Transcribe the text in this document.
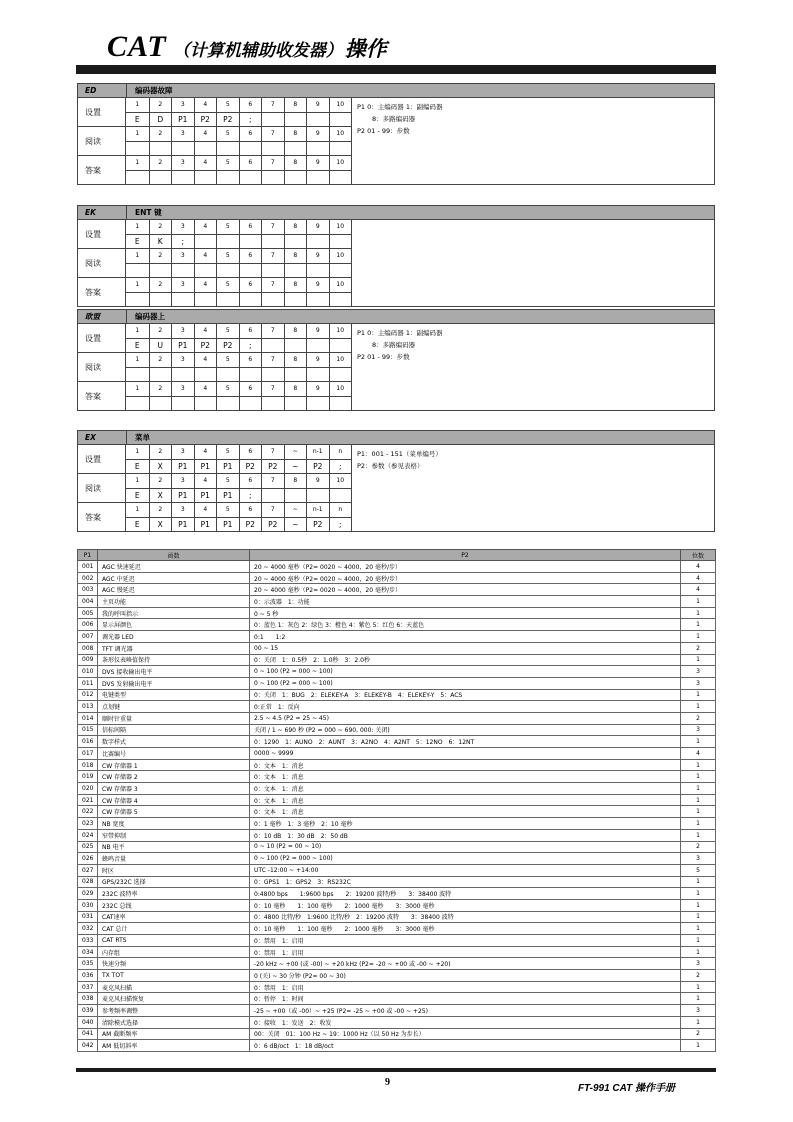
CAT （计算机辅助收发器） 操作
ED	编码器故障
设置
1	2	3	4	5	6	7	8	9	10
E	D	P1	P2	P2	;
阅读
1	2	3	4	5	6	7	8	9	10
答案
1	2	3	4	5	6	7	8	9	10
P1 0：主编码器 1：副编码器
8：多路编码器
P2 01 - 99：步数
EK	ENT 键
设置
1	2	3	4	5	6	7	8	9	10
E	K	;
阅读
1	2	3	4	5	6	7	8	9	10
答案
1	2	3	4	5	6	7	8	9	10
欧盟	编码器上
设置
1	2	3	4	5	6	7	8	9	10
E	U	P1	P2	P2	;
阅读
1	2	3	4	5	6	7	8	9	10
答案
1	2	3	4	5	6	7	8	9	10
P1 0：主编码器 1：副编码器
8：多路编码器
P2 01 - 99：步数
EX	菜单
设置
1	2	3	4	5	6	7	~	n-1	n
E	X	P1	P1	P1	P2	P2	~	P2	;
阅读
1	2	3	4	5	6	7	8	9	10
E	X	P1	P1	P1	;
答案
1	2	3	4	5	6	7	~	n-1	n
E	X	P1	P1	P1	P2	P2	~	P2	;
P1：001 - 151（菜单编号）
P2：参数（参见表格）
P1	函数	P2	位数
001	AGC 快速延迟	20 ~ 4000 毫秒（P2= 0020 ~ 4000，20 毫秒/步）	4
002	AGC 中延迟	20 ~ 4000 毫秒（P2= 0020 ~ 4000，20 毫秒/步）	4
003	AGC 慢延迟	20 ~ 4000 毫秒（P2= 0020 ~ 4000，20 毫秒/步）	4
004	主页功能	0：示波器　1：功能	1
005	我的呼叫指示	0 ~ 5 秒	1
006	显示屏颜色	0：蓝色 1：灰色 2：绿色 3：橙色 4：紫色 5：红色 6：天蓝色	1
007	调光器 LED	0:1　　1:2	1
008	TFT 调光器	00 ~ 15	2
009	条形仪表峰值保持	0：关闭　1：0.5秒　2：1.0秒　3：2.0秒	1
010	DVS 接收输出电平	0 ~ 100 (P2 = 000 ~ 100)	3
011	DVS 发射输出电平	0 ~ 100 (P2 = 000 ~ 100)	3
012	电键类型	0：关闭　1：BUG　2：ELEKEY-A　3：ELEKEY-B　4：ELEKEY-Y　5：ACS	1
013	点划键	0:正常　1：反向	1
014	顺时针重量	2.5 ~ 4.5 (P2 = 25 ~ 45)	2
015	信标间隔	关闭 / 1 ~ 690 秒 (P2 = 000 ~ 690, 000: 关闭)	3
016	数字样式	0：1290　1：AUNO　2：AUNT　3：A2NO　4：A2NT　5：12NO　6：12NT	1
017	比赛编号	0000 ~ 9999	4
018	CW 存储器 1	0：文本　1：消息	1
019	CW 存储器 2	0：文本　1：消息	1
020	CW 存储器 3	0：文本　1：消息	1
021	CW 存储器 4	0：文本　1：消息	1
022	CW 存储器 5	0：文本　1：消息	1
023	NB 宽度	0：1 毫秒　1：3 毫秒　2：10 毫秒	1
024	窄带抑制	0：10 dB　1：30 dB　2：50 dB	1
025	NB 电平	0 ~ 10 (P2 = 00 ~ 10)	2
026	蜂鸣音量	0 ~ 100 (P2 = 000 ~ 100)	3
027	时区	UTC -12:00 ~ +14:00	5
028	GPS/232C 选择	0：GPS1　1：GPS2　3：RS232C	1
029	232C 波特率	0:4800 bps　　1:9600 bps　　2：19200 波特/秒　　3：38400 波特	1
030	232C 总线	0：10 毫秒　　1：100 毫秒　　2：1000 毫秒　　3：3000 毫秒	1
031	CAT速率	0：4800 比特/秒　1:9600 比特/秒　2：19200 波特　　3：38400 波特	1
032	CAT 总计	0：10 毫秒　　1：100 毫秒　　2：1000 毫秒　　3：3000 毫秒	1
033	CAT RTS	0：禁用　1：启用	1
034	内存组	0：禁用　1：启用	1
035	快速分频	-20 kHz ~ +00 (或 -00) ~ +20 kHz (P2= -20 ~ +00 或 -00 ~ +20)	3
036	TX TOT	0 (关) ~ 30 分钟 (P2= 00 ~ 30)	2
037	麦克风扫描	0：禁用　1：启用	1
038	麦克风扫描恢复	0：暂停　1：时间	1
039	参考频率调整	-25 ~ +00（或 -00）~ +25 (P2= -25 ~ +00 或 -00 ~ +25)	3
040	清除模式选择	0：接收　1：发送　2：收发	1
041	AM 截断频率	00：关闭　01：100 Hz ~ 19：1000 Hz（以 50 Hz 为步长）	2
042	AM 低切斜率	0：6 dB/oct　1：18 dB/oct	1
9
FT-991 CAT 操作手册
